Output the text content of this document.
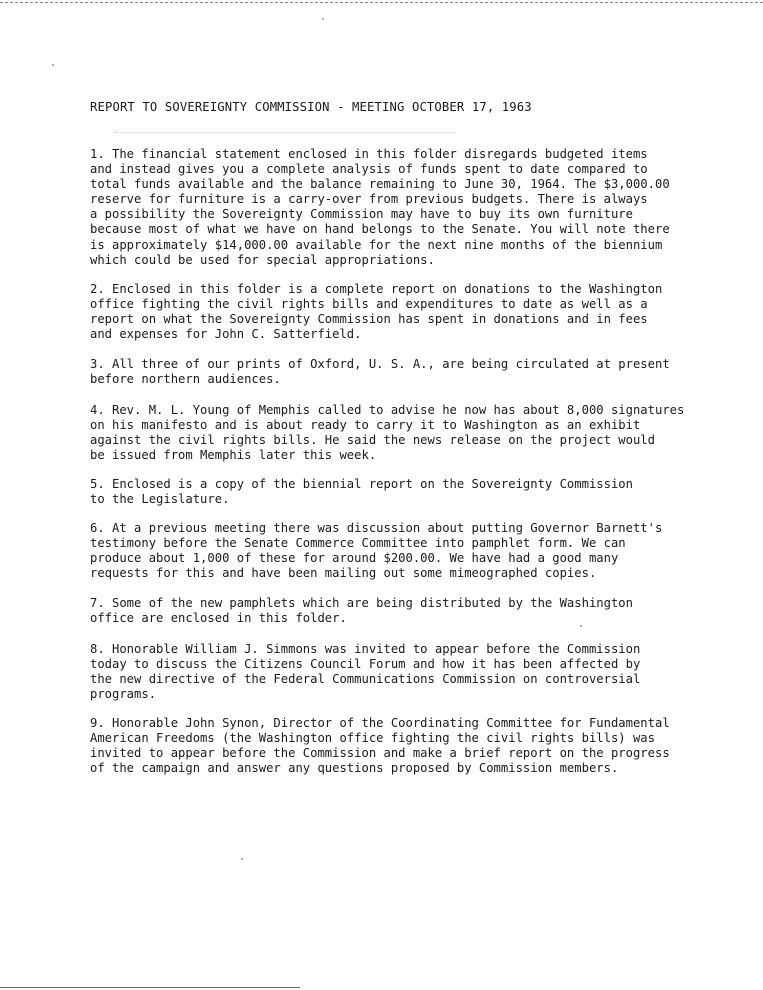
REPORT TO SOVEREIGNTY COMMISSION - MEETING OCTOBER 17, 1963

1. The financial statement enclosed in this folder disregards budgeted items
and instead gives you a complete analysis of funds spent to date compared to
total funds available and the balance remaining to June 30, 1964. The $3,000.00
reserve for furniture is a carry-over from previous budgets. There is always
a possibility the Sovereignty Commission may have to buy its own furniture
because most of what we have on hand belongs to the Senate. You will note there
is approximately $14,000.00 available for the next nine months of the biennium
which could be used for special appropriations.

2. Enclosed in this folder is a complete report on donations to the Washington
office fighting the civil rights bills and expenditures to date as well as a
report on what the Sovereignty Commission has spent in donations and in fees
and expenses for John C. Satterfield.

3. All three of our prints of Oxford, U. S. A., are being circulated at present
before northern audiences.

4. Rev. M. L. Young of Memphis called to advise he now has about 8,000 signatures
on his manifesto and is about ready to carry it to Washington as an exhibit
against the civil rights bills. He said the news release on the project would
be issued from Memphis later this week.

5. Enclosed is a copy of the biennial report on the Sovereignty Commission
to the Legislature.

6. At a previous meeting there was discussion about putting Governor Barnett's
testimony before the Senate Commerce Committee into pamphlet form. We can
produce about 1,000 of these for around $200.00. We have had a good many
requests for this and have been mailing out some mimeographed copies.

7. Some of the new pamphlets which are being distributed by the Washington
office are enclosed in this folder.

8. Honorable William J. Simmons was invited to appear before the Commission
today to discuss the Citizens Council Forum and how it has been affected by
the new directive of the Federal Communications Commission on controversial
programs.

9. Honorable John Synon, Director of the Coordinating Committee for Fundamental
American Freedoms (the Washington office fighting the civil rights bills) was
invited to appear before the Commission and make a brief report on the progress
of the campaign and answer any questions proposed by Commission members.
